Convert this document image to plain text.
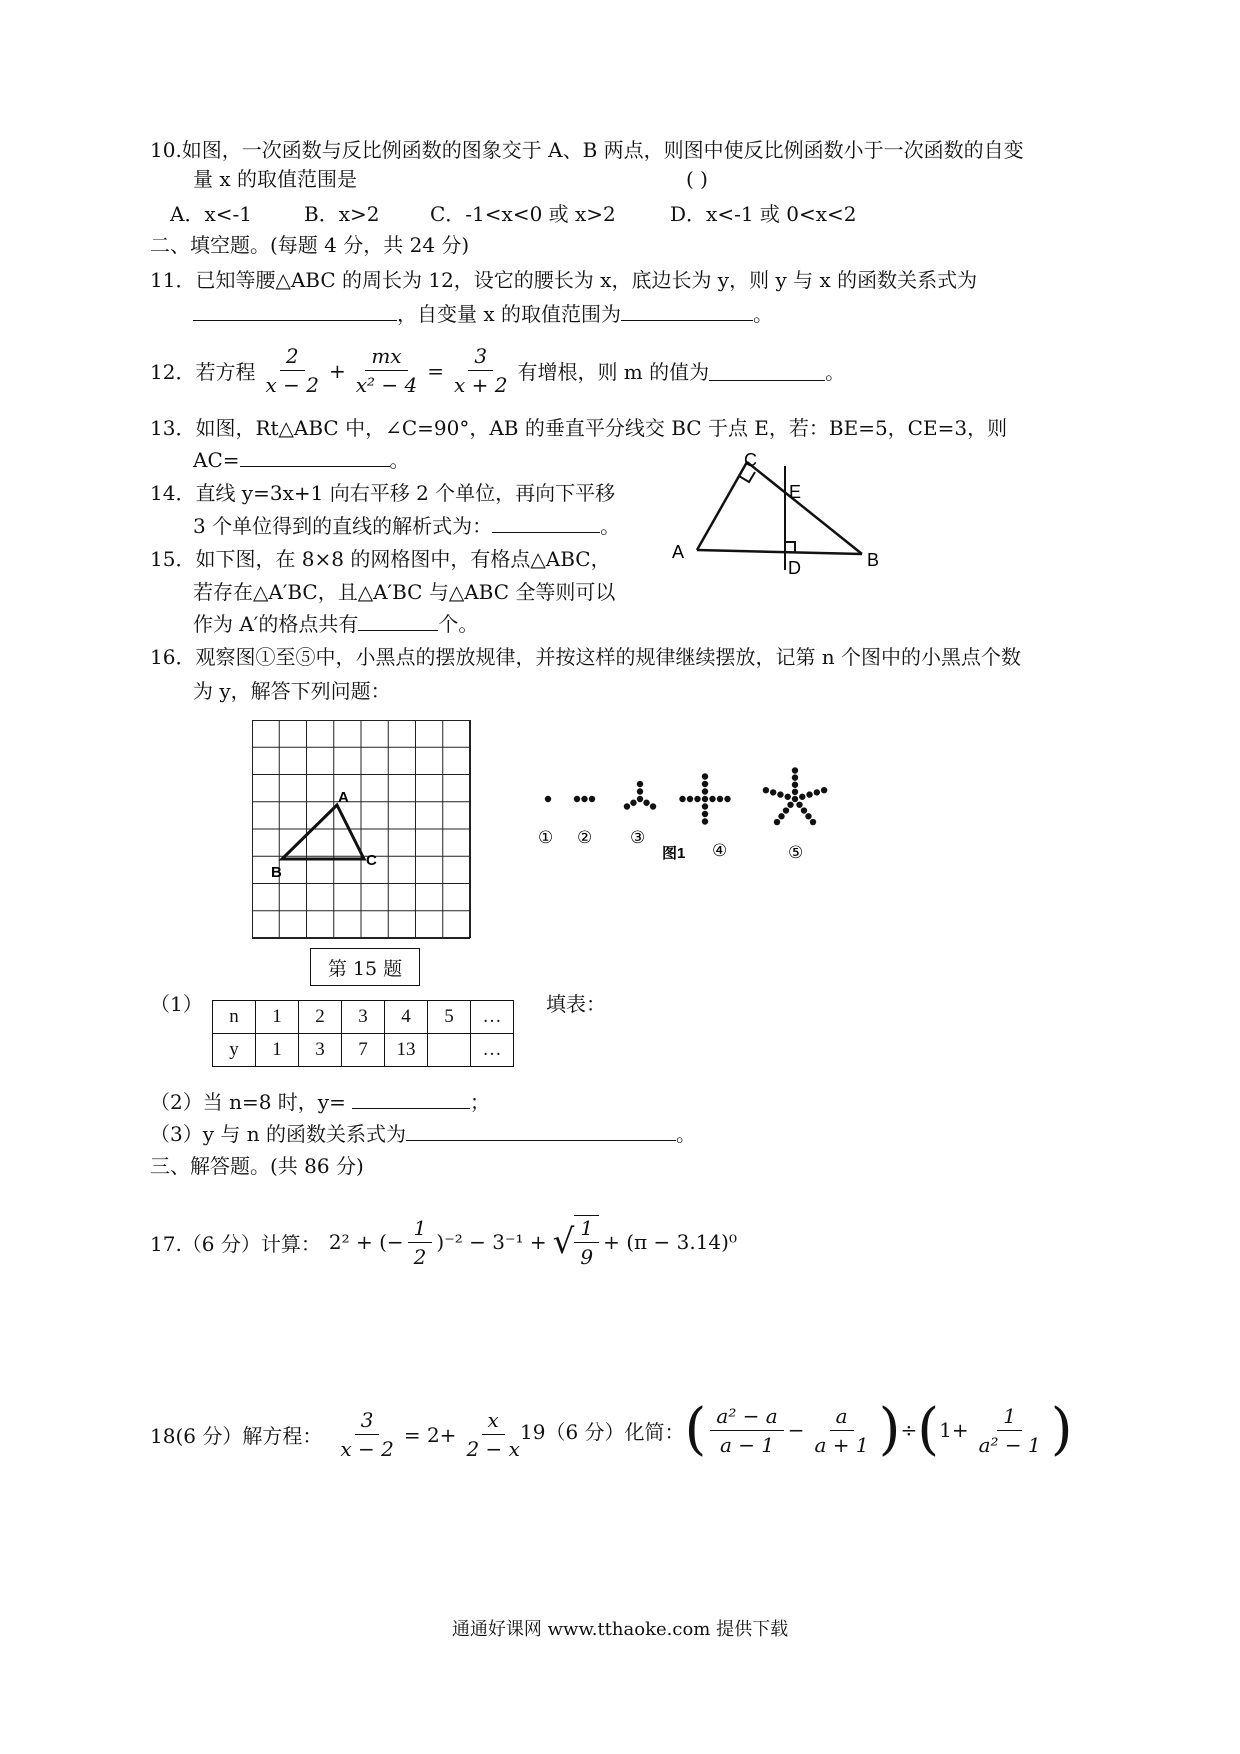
10.如图，一次函数与反比例函数的图象交于 A、B 两点，则图中使反比例函数小于一次函数的自变
量 x 的取值范围是	( )
A．x<-1	B．x>2	C．-1<x<0 或 x>2	D．x<-1 或 0<x<2
二、填空题。(每题 4 分，共 24 分)
11．已知等腰△ABC 的周长为 12，设它的腰长为 x，底边长为 y，则 y 与 x 的函数关系式为
，自变量 x 的取值范围为	。
12．若方程 $\frac{2}{x - 2} + \frac{mx}{\text{x² − 4}} = \frac{3}{x + 2}$ 有增根，则 m 的值为	。
13．如图，Rt△ABC 中，∠C=90°，AB 的垂直平分线交 BC 于点 E，若：BE=5，CE=3，则
AC=	。
14．直线 y=3x+1 向右平移 2 个单位，再向下平移
3 个单位得到的直线的解析式为：	。
15．如下图，在 8×8 的网格图中，有格点△ABC，
若存在△A′BC，且△A′BC 与△ABC 全等则可以
作为 A′的格点共有	个。
C
E
A
D	B
16．观察图①至⑤中，小黑点的摆放规律，并按这样的规律继续摆放，记第 n 个图中的小黑点个数
为 y，解答下列问题：
A
B
C
第 15 题
① ② ③
图1 ④	⑤
（1）
n	1	2	3	4	5	…
y	1	3	7	13		…
填表：
（2）当 n=8 时，y=	；
（3）y 与 n 的函数关系式为	。
三、解答题。(共 86 分)
17.（6 分）计算： 2² + (− $\frac{1}{2} )^{-2} - 3^{-1}$ + √ $\frac{1}{9} + (\pi - 3.14)^0$
18(6 分）解方程： $\frac{3}{x - 2} = 2+ \frac{x}{2 - x}$
19（6 分）化简： ( $\frac{\text{a² − a}}{a - 1} - \frac{a}{a + 1}$ ) ÷ ( $1+ \frac{1}{\text{a² − 1}}$ )
通通好课网 www.tthaoke.com 提供下载
